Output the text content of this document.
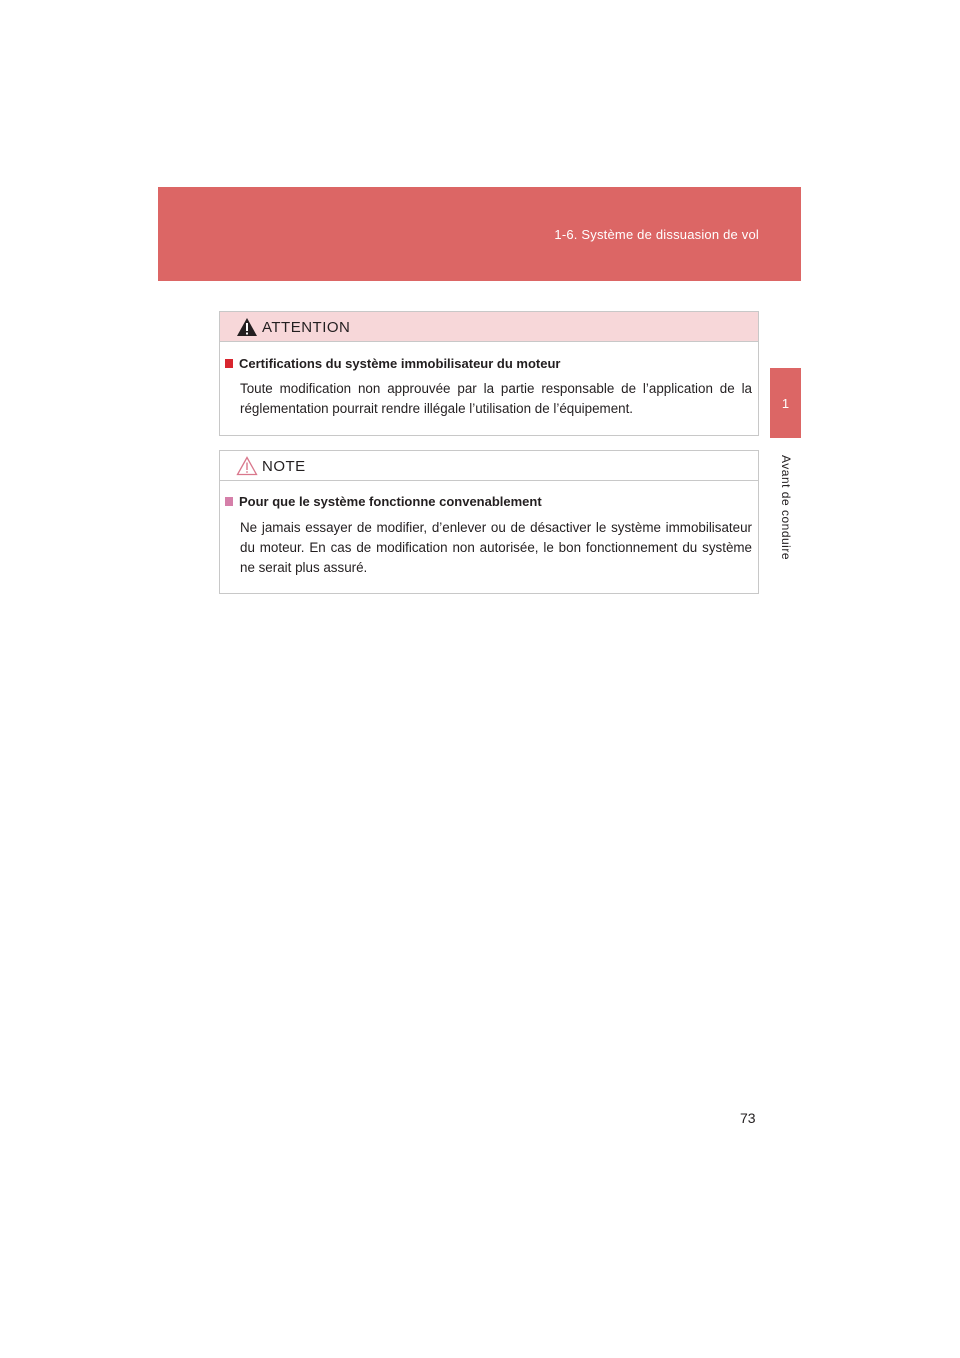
1-6. Système de dissuasion de vol
1
Avant de conduire
ATTENTION
Certifications du système immobilisateur du moteur
Toute modification non approuvée par la partie responsable de l’application de la réglementation pourrait rendre illégale l’utilisation de l’équipement.
NOTE
Pour que le système fonctionne convenablement
Ne jamais essayer de modifier, d’enlever ou de désactiver le système immobilisateur du moteur. En cas de modification non autorisée, le bon fonctionnement du système ne serait plus assuré.
73
